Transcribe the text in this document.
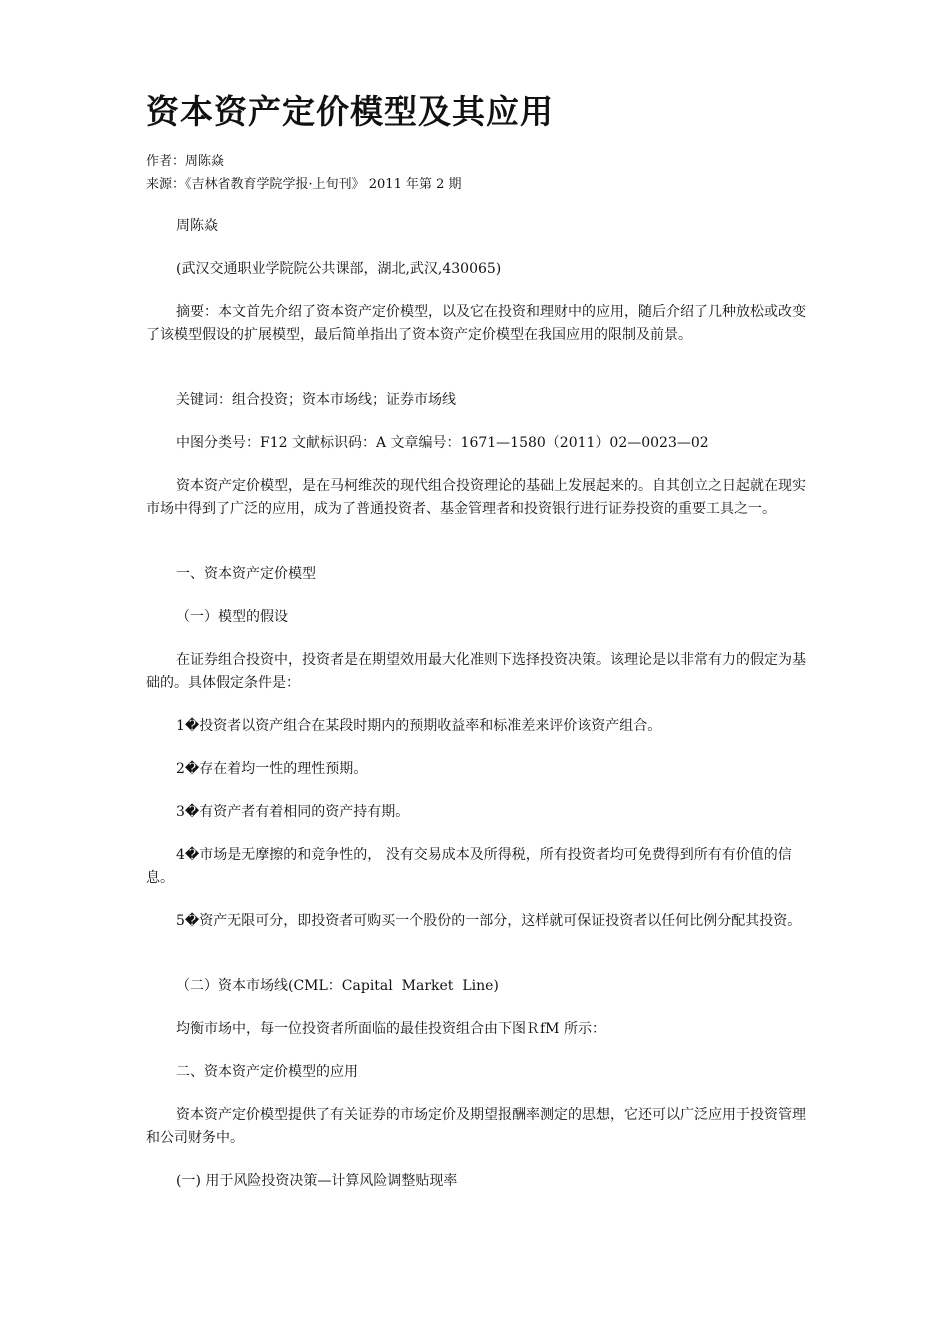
资本资产定价模型及其应用
作者：周陈焱
来源：《吉林省教育学院学报·上旬刊》 2011 年第 2 期

周陈焱

(武汉交通职业学院院公共课部，湖北,武汉,430065)

摘要：本文首先介绍了资本资产定价模型，以及它在投资和理财中的应用，随后介绍了几种放松或改变了该模型假设的扩展模型，最后简单指出了资本资产定价模型在我国应用的限制及前景。

关键词：组合投资；资本市场线；证券市场线

中图分类号：F12 文献标识码：A 文章编号：1671—1580（2011）02—0023—02

资本资产定价模型，是在马柯维茨的现代组合投资理论的基础上发展起来的。自其创立之日起就在现实市场中得到了广泛的应用，成为了普通投资者、基金管理者和投资银行进行证券投资的重要工具之一。

一、资本资产定价模型

（一）模型的假设

在证券组合投资中，投资者是在期望效用最大化准则下选择投资决策。该理论是以非常有力的假定为基础的。具体假定条件是：

1�投资者以资产组合在某段时期内的预期收益率和标准差来评价该资产组合。

2�存在着均一性的理性预期。

3�有资产者有着相同的资产持有期。

4�市场是无摩擦的和竞争性的， 没有交易成本及所得税，所有投资者均可免费得到所有有价值的信息。

5�资产无限可分，即投资者可购买一个股份的一部分，这样就可保证投资者以任何比例分配其投资。

（二）资本市场线(CML：Capital  Market  Line)

均衡市场中，每一位投资者所面临的最佳投资组合由下图ＲfM 所示：

二、资本资产定价模型的应用

资本资产定价模型提供了有关证券的市场定价及期望报酬率测定的思想，它还可以广泛应用于投资管理和公司财务中。

(一) 用于风险投资决策—计算风险调整贴现率
